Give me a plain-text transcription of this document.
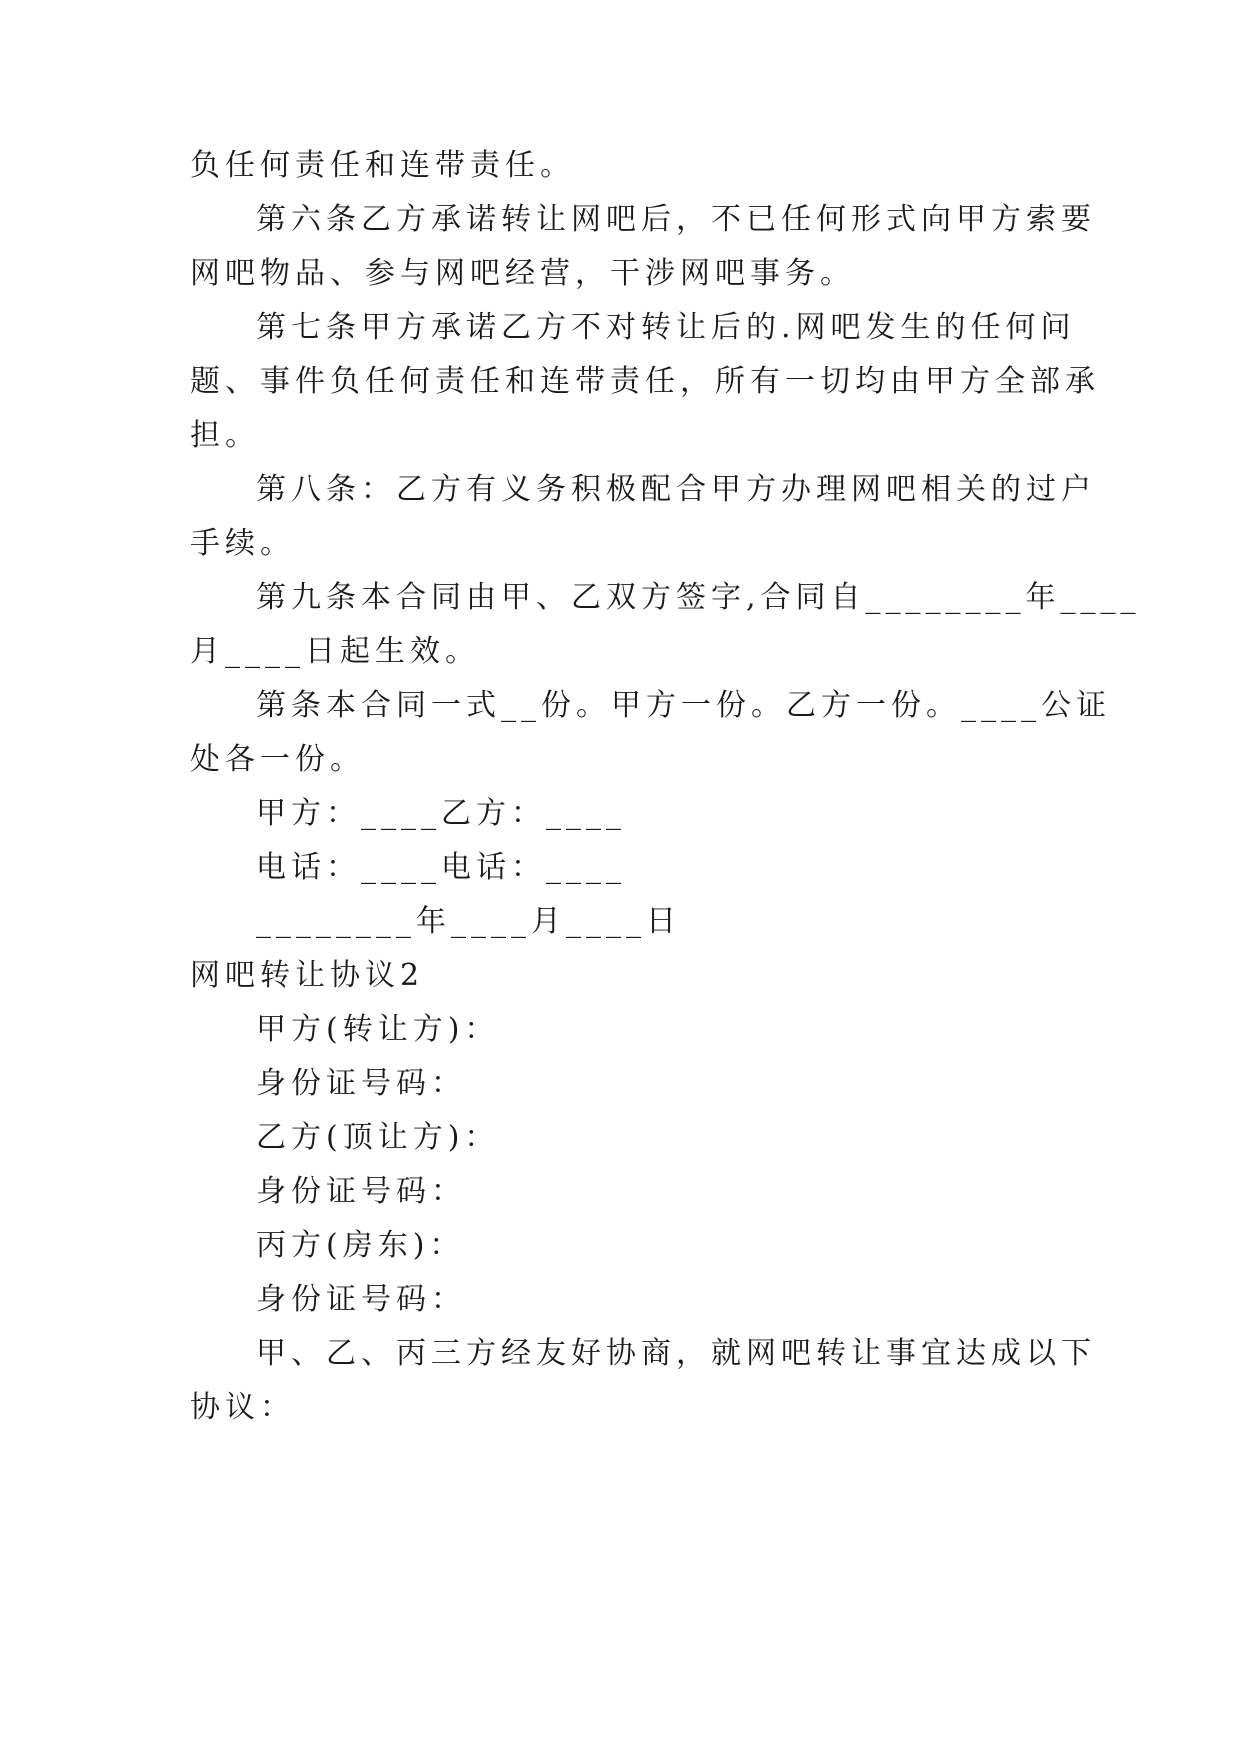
负任何责任和连带责任。

第六条乙方承诺转让网吧后，不已任何形式向甲方索要

网吧物品、参与网吧经营，干涉网吧事务。

第七条甲方承诺乙方不对转让后的.网吧发生的任何问

题、事件负任何责任和连带责任，所有一切均由甲方全部承

担。

第八条：乙方有义务积极配合甲方办理网吧相关的过户

手续。

第九条本合同由甲、乙双方签字,合同自________年____

月____日起生效。

第条本合同一式__份。甲方一份。乙方一份。____公证

处各一份。

甲方：____乙方：____

电话：____电话：____

________年____月____日

网吧转让协议2

甲方(转让方)：

身份证号码：

乙方(顶让方)：

身份证号码：

丙方(房东)：

身份证号码：

甲、乙、丙三方经友好协商，就网吧转让事宜达成以下

协议：
